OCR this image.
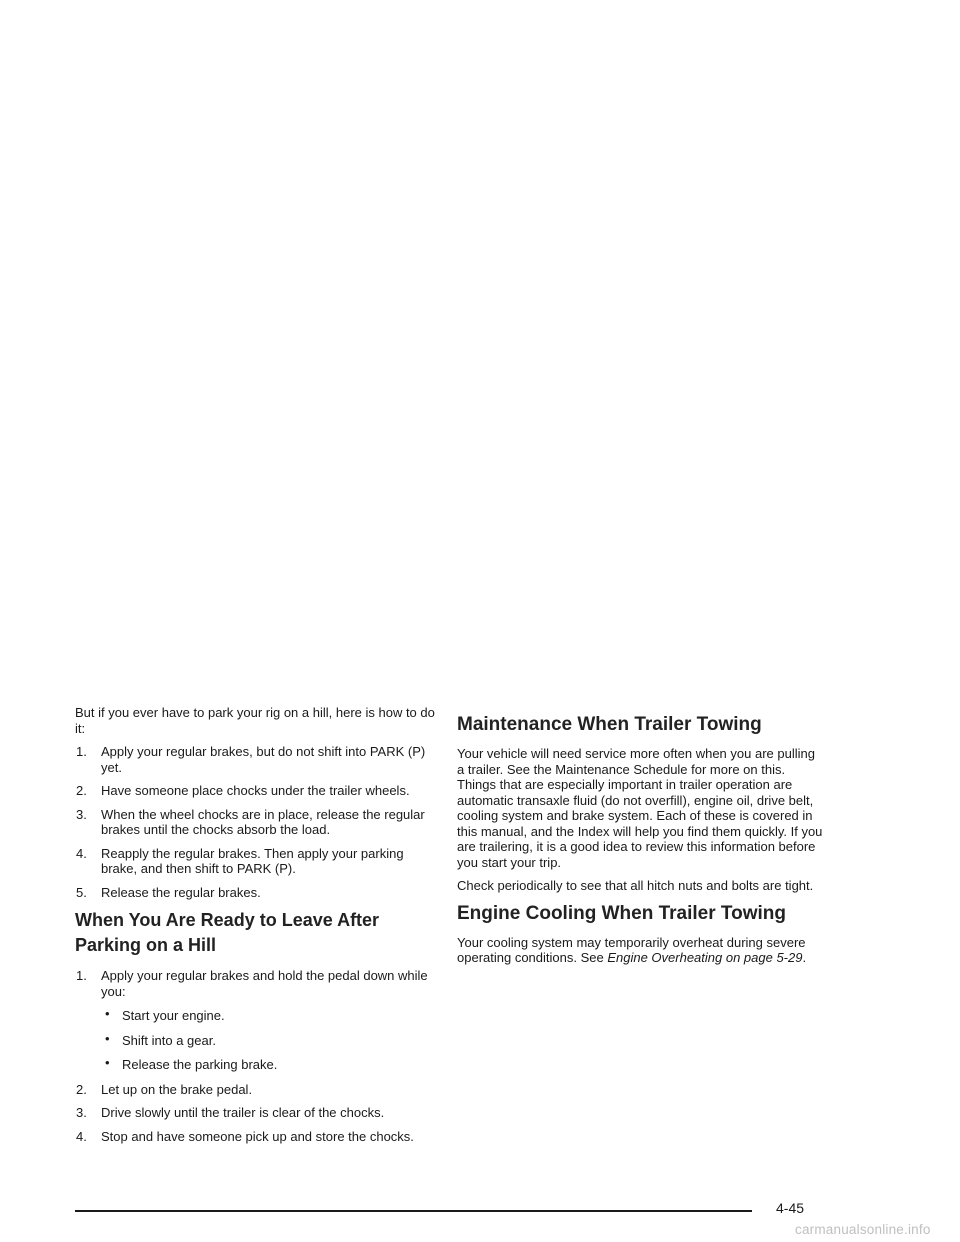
But if you ever have to park your rig on a hill, here is how to do it:

1. Apply your regular brakes, but do not shift into PARK (P) yet.
2. Have someone place chocks under the trailer wheels.
3. When the wheel chocks are in place, release the regular brakes until the chocks absorb the load.
4. Reapply the regular brakes. Then apply your parking brake, and then shift to PARK (P).
5. Release the regular brakes.
When You Are Ready to Leave After Parking on a Hill
1. Apply your regular brakes and hold the pedal down while you:
• Start your engine.
• Shift into a gear.
• Release the parking brake.
2. Let up on the brake pedal.
3. Drive slowly until the trailer is clear of the chocks.
4. Stop and have someone pick up and store the chocks.
Maintenance When Trailer Towing

Your vehicle will need service more often when you are pulling a trailer. See the Maintenance Schedule for more on this. Things that are especially important in trailer operation are automatic transaxle fluid (do not overfill), engine oil, drive belt, cooling system and brake system. Each of these is covered in this manual, and the Index will help you find them quickly. If you are trailering, it is a good idea to review this information before you start your trip.

Check periodically to see that all hitch nuts and bolts are tight.

Engine Cooling When Trailer Towing

Your cooling system may temporarily overheat during severe operating conditions. See Engine Overheating on page 5-29.

4-45
carmanualsonline.info
